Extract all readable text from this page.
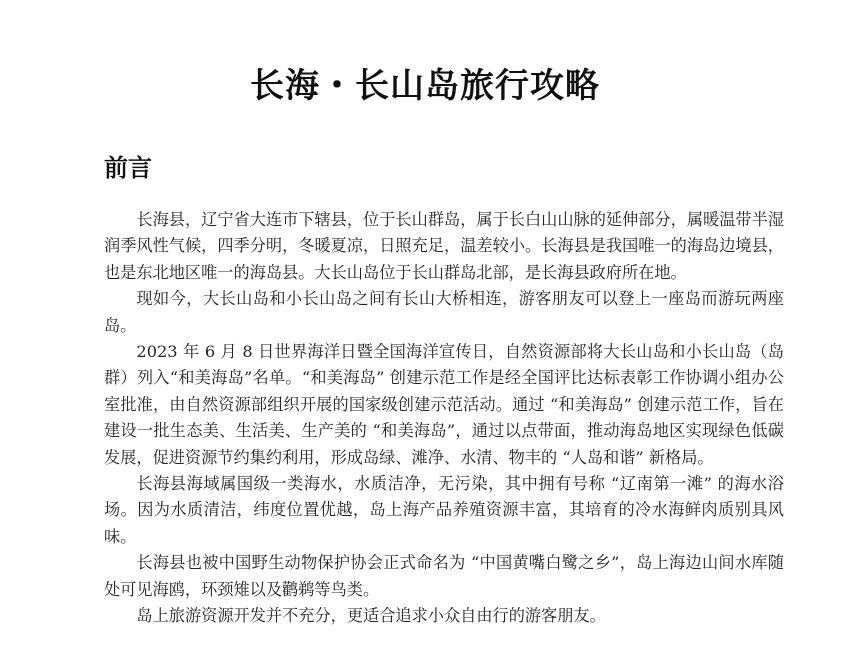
长海・长山岛旅行攻略
前言

长海县，辽宁省大连市下辖县，位于长山群岛，属于长白山山脉的延伸部分，属暖温带半湿润季风性气候，四季分明，冬暖夏凉，日照充足，温差较小。长海县是我国唯一的海岛边境县，也是东北地区唯一的海岛县。大长山岛位于长山群岛北部，是长海县政府所在地。

现如今，大长山岛和小长山岛之间有长山大桥相连，游客朋友可以登上一座岛而游玩两座岛。

2023 年 6 月 8 日世界海洋日暨全国海洋宣传日，自然资源部将大长山岛和小长山岛（岛群）列入“和美海岛”名单。“和美海岛” 创建示范工作是经全国评比达标表彰工作协调小组办公室批准，由自然资源部组织开展的国家级创建示范活动。通过 “和美海岛” 创建示范工作，旨在建设一批生态美、生活美、生产美的 “和美海岛”，通过以点带面，推动海岛地区实现绿色低碳发展，促进资源节约集约利用，形成岛绿、滩净、水清、物丰的 “人岛和谐” 新格局。

长海县海域属国级一类海水，水质洁净，无污染，其中拥有号称 “辽南第一滩” 的海水浴场。因为水质清洁，纬度位置优越，岛上海产品养殖资源丰富，其培育的冷水海鲜肉质别具风味。

长海县也被中国野生动物保护协会正式命名为 “中国黄嘴白鹭之乡”，岛上海边山间水库随处可见海鸥，环颈雉以及鹳鹈等鸟类。

岛上旅游资源开发并不充分，更适合追求小众自由行的游客朋友。
